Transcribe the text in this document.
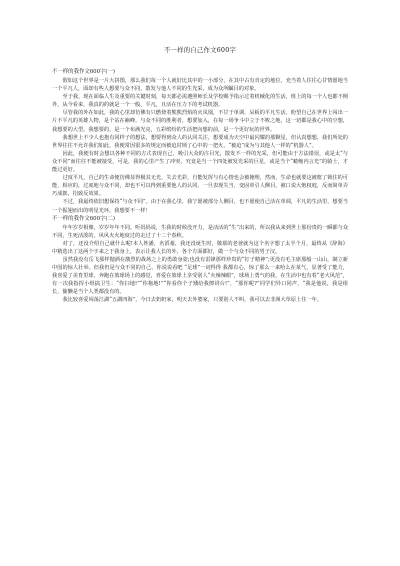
不一样的自己作文600字
不一样的我作文600字(一)

假如这个世界是一片大拼图，那么我们每一个人就好比其中的一小部分，在其中占有肯定的地位，充当着人往往心甘情愿地当一个平凡人，面却有些人想要与众不同，散发与他人不同的生光采，成为众所瞩目的对象。

至于我，现在面临人生及重要的关键时刻，每天都必需遵照师长及学校赐予指示过着机械化的生活，班上的每一个人也都不例外，从今看来，我真的的就是一个一般，平凡，且活在压力下的考试机器。

尽管我的外在如此，我的心里却彷佛有只燃烧着熊熊烈焰的火凤凰，不甘于单调、呆板的平凡生活，盼望自己在世界上闯出一片不平凡的英雄人物，是个站在巅峰，与众不同的胜利者，想要加入，在每一场争斗中立于不败之地，这一切都是我心中的空想，我想要的大型，我想要的，是一个布满光亮，五彩缤纷的生活把向想的前，是一个更好玩的世界。

我想世上不少人也抱有同样子的想法，想要得到众人的认同关注，想要成为天空中最闪耀的那颗星，但认真想想，我们所处的世界往往不允许我们如此，我便常因很多的规定而被迫封锁了心中的一把火，“被迫”成为与其他人一样的“机器人”。

因此，我便有时会想以各种不同的方式表现自己，吸引大众的注目光，散发不一样的光采，但可能由于方法错误，或是太“与众不同”而往往不能被接受，可是，我的心里产生了冲突，究竟是当一个四处被发光采的巨星，或是当个“蜷缩内言光”的骑士，才能过更好。

过度平凡，自己的生命便彷佛显得极其无光，失去光彩，自能发挥与有心情也会被掩埋，然而，生命也就要这被框了锁住的可能，相应的，过度地与众不同，却也不可以得到重要他人的认同，一旦表现失当，变固单引人侧目，被口说大炮权庭，反而简单弄巧成拙，招致反效果。

不过，我最终依旧想保持“与众不同”。由于在我心里，我宁愿被部分人侧目，也不愿使自己活在单调，平凡的生活里，想要当一个振翅而出的明星光环，我想要不一样！

不一样的我作文600字(二)

年年岁岁相像，岁岁年年不同。听妈妈说，生我的时候没开力，是活活的“生”出来的，所以我从来到世上那份贵的一瞬都与众不同，生死活泼的，风风火火地度过的走过了十二个春秋。

对了，还没介绍自己就什么呢!本人姓潘，名滔蓁，我还没诞生时，敬慕的老爸就为这个名字想了太半个月，最终从《辞海》中精选出了这两个字来之于我身上，表示让我人长的外，各个方面都好，做一个与众不同的男子汉。

虽然我没有岳飞那样抛洒在激烈的战场之上的勇敢身姿;也没有雷锋那样珍贵的“钉子精神”;更没有毛主席那般一山山，制立新中国的惊人壮举。但我仍是与众不同的自己，你说说看吧 “足球”一词得得 我都有心，惊了那么一来哈么在某气，显著受了能力，我喜爱了美育里球，奔跑在篮球场上的感觉，喜爱在篮球上享受别人“火辣辣眼”，球场上勇气的我，在生活中也有着“老大风范”，有一次我指挥小组搞卫生：“你扫地!”“你拖地!”“你看你个子矮给我擦讲台!”，“那你呢?”同学们异口同声，“我是他说，我是组长，偷懒是当个人类都没有的。

我比较喜爱闯荡江湖“五湖四海”，今日去奶奶家，明天去外婆家，只要别人不叫，我可以去非洲大草原上住一年。
